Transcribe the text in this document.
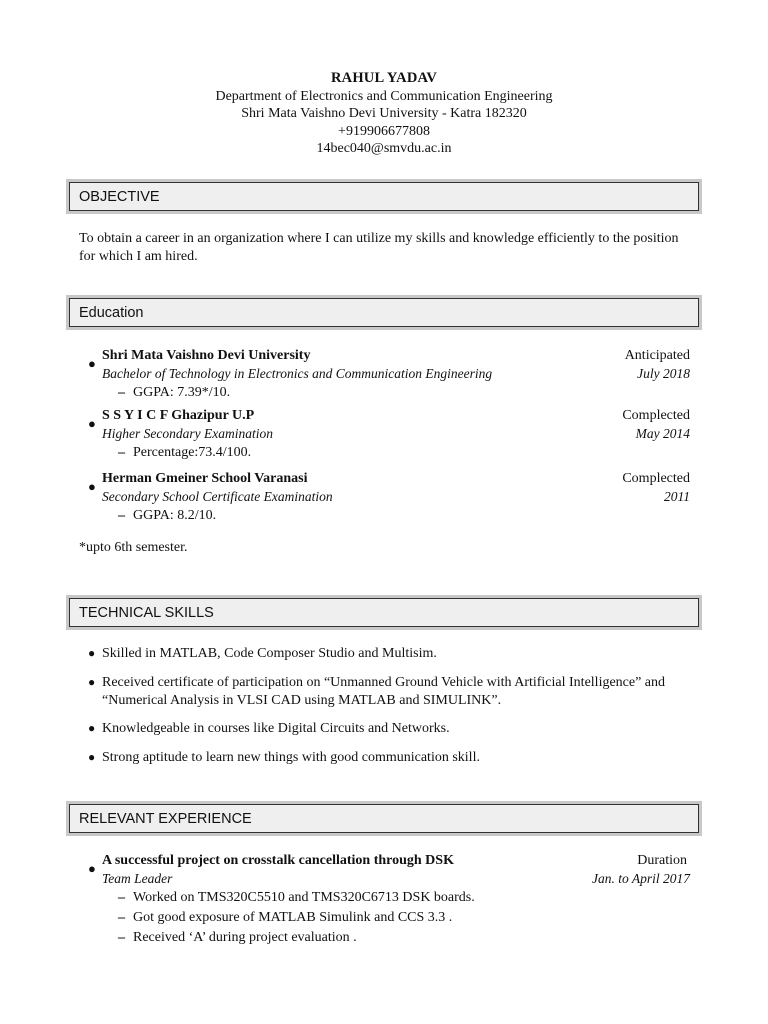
RAHUL YADAV
Department of Electronics and Communication Engineering
Shri Mata Vaishno Devi University - Katra 182320
+919906677808
14bec040@smvdu.ac.in
OBJECTIVE
To obtain a career in an organization where I can utilize my skills and knowledge efficiently to the position for which I am hired.
Education
●
Shri Mata Vaishno Devi University	Anticipated
Bachelor of Technology in Electronics and Communication Engineering	July 2018
– GGPA: 7.39*/10.
●
S S Y I C F Ghazipur U.P	Complected
Higher Secondary Examination	May 2014
– Percentage:73.4/100.
●
Herman Gmeiner School Varanasi	Complected
Secondary School Certificate Examination	2011
– GGPA: 8.2/10.
*upto 6th semester.
TECHNICAL SKILLS
● Skilled in MATLAB, Code Composer Studio and Multisim.
● Received certificate of participation on “Unmanned Ground Vehicle with Artificial Intelligence” and “Numerical Analysis in VLSI CAD using MATLAB and SIMULINK”.
● Knowledgeable in courses like Digital Circuits and Networks.
● Strong aptitude to learn new things with good communication skill.
RELEVANT EXPERIENCE
●
A successful project on crosstalk cancellation through DSK	Duration
Team Leader	Jan. to April 2017
– Worked on TMS320C5510 and TMS320C6713 DSK boards.
– Got good exposure of MATLAB Simulink and CCS 3.3 .
– Received ‘A’ during project evaluation .
